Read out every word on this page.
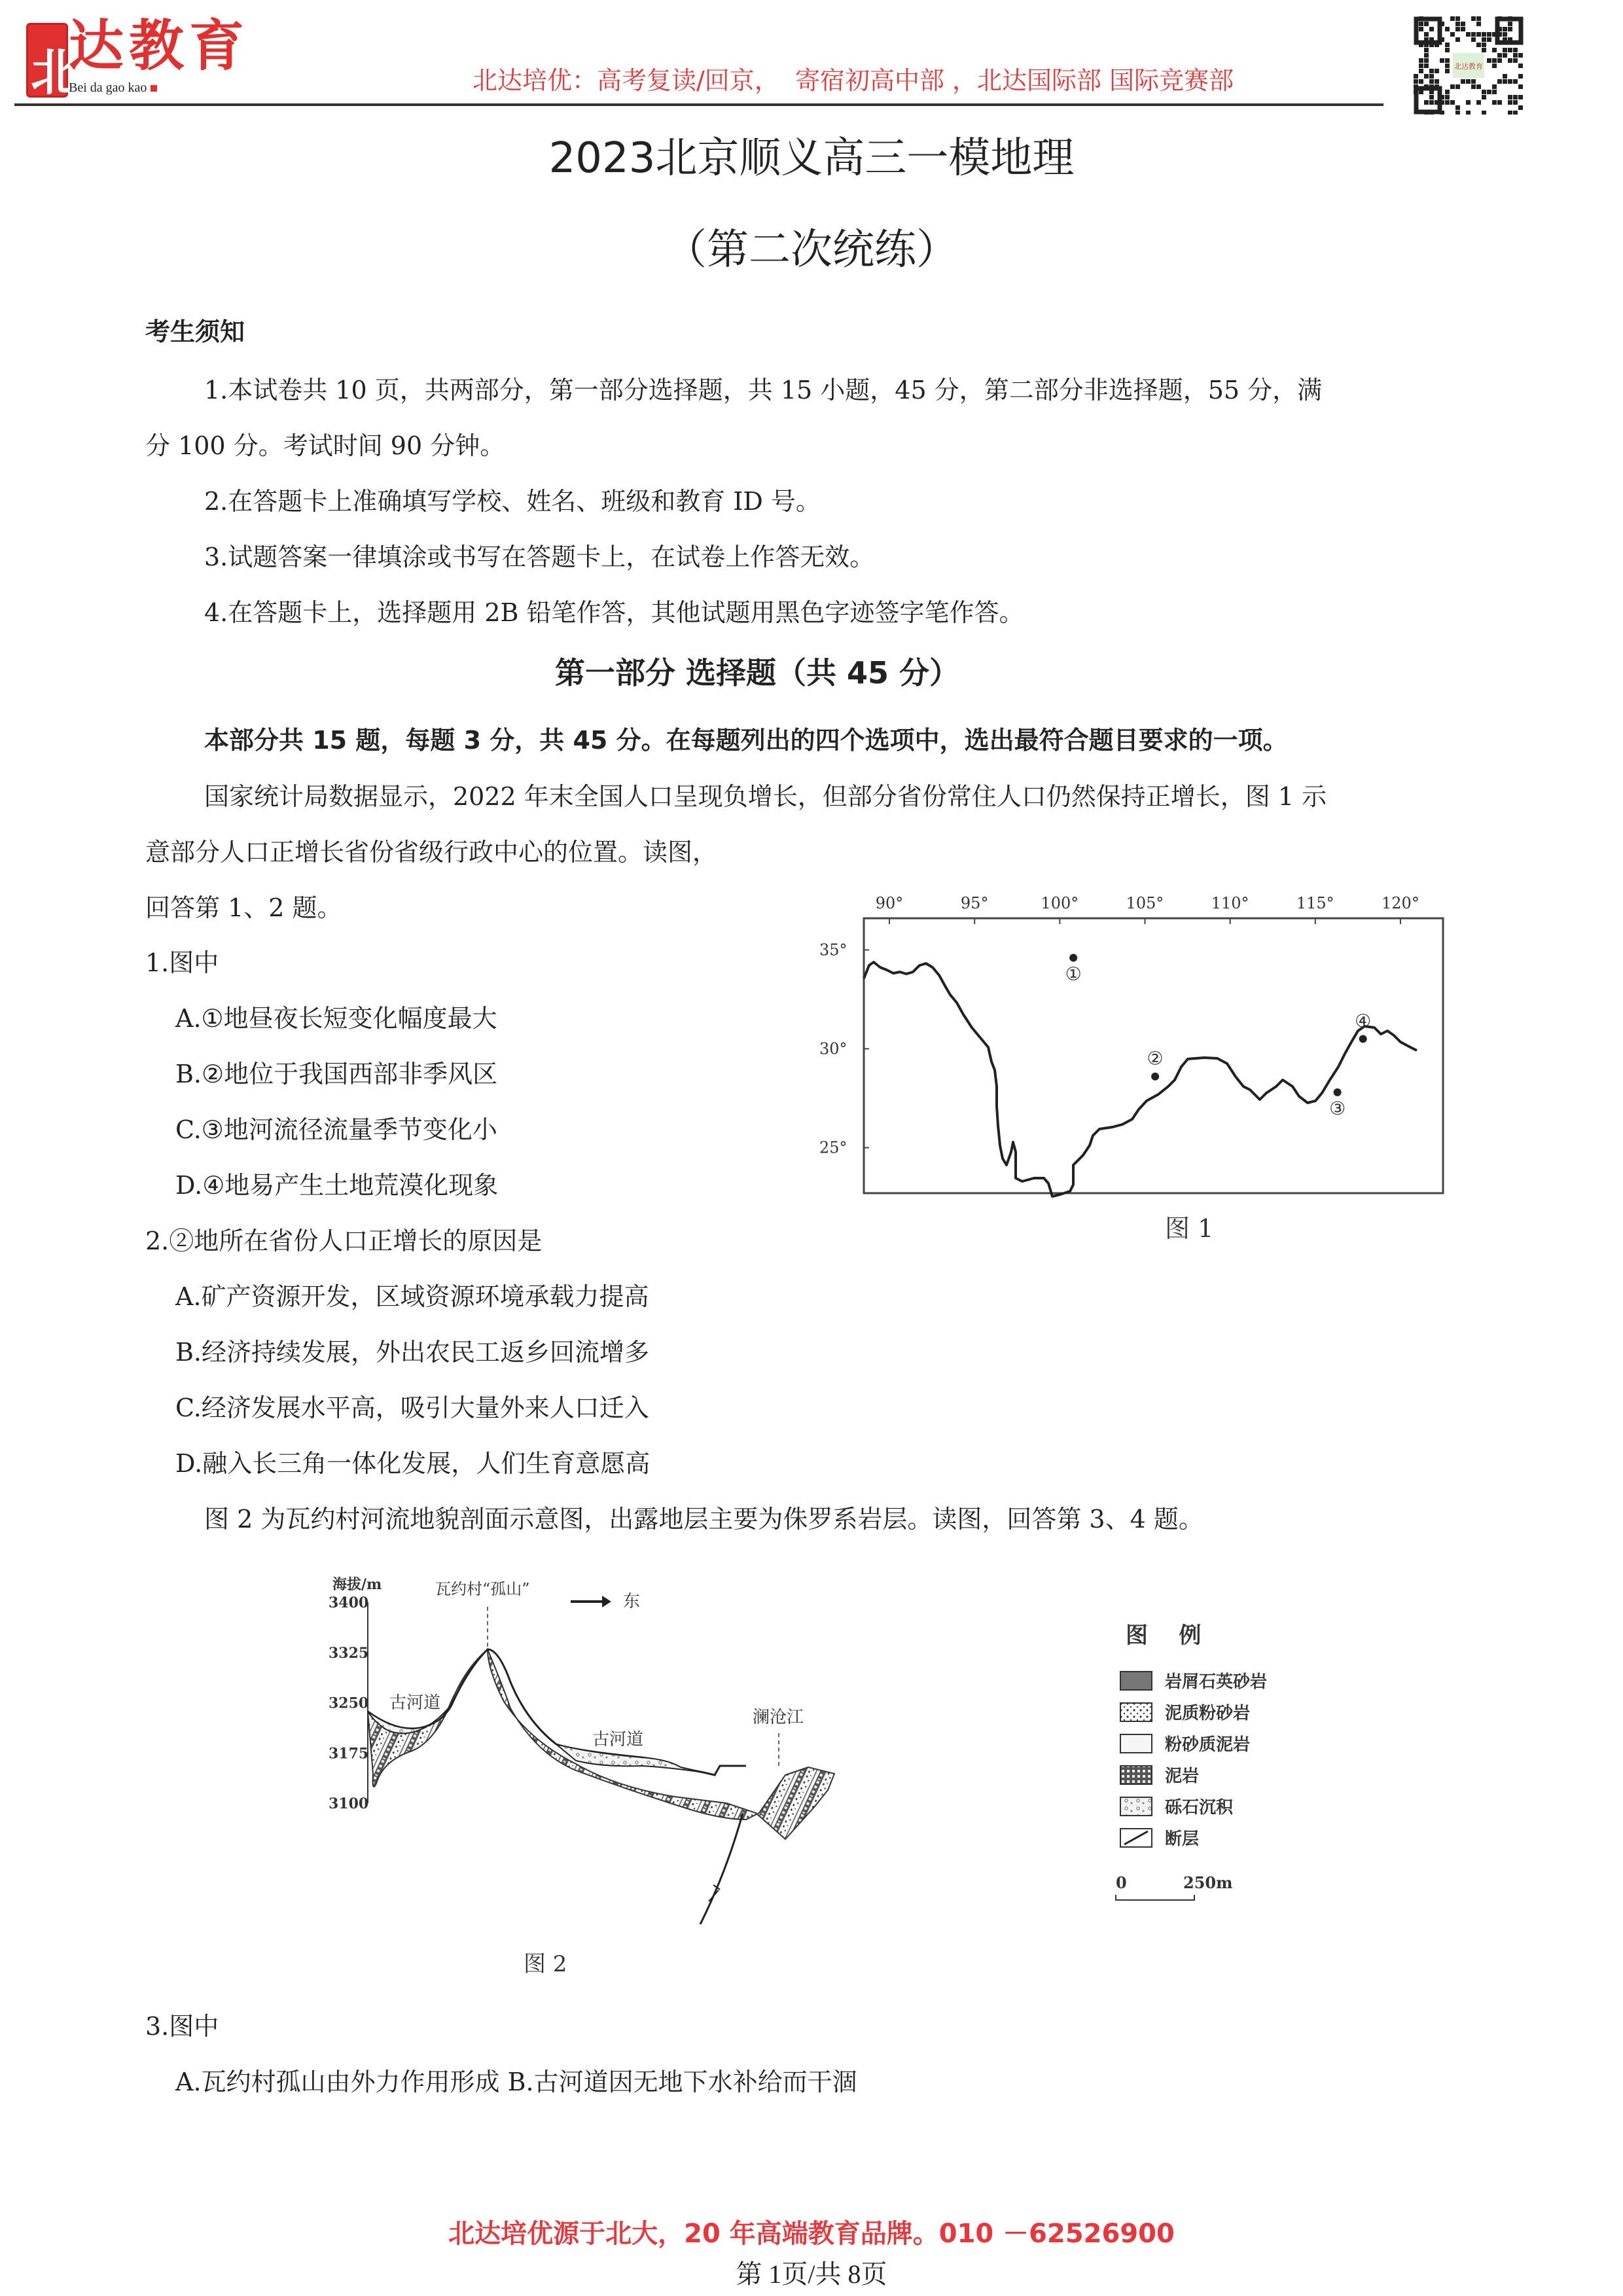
北
达教育
Bei da gao kao	北达培优：高考复读/回京，  寄宿初高中部 ，北达国际部 国际竞赛部	北达教育
2023北京顺义高三一模地理
（第二次统练）
考生须知
1.本试卷共 10 页，共两部分，第一部分选择题，共 15 小题，45 分，第二部分非选择题，55 分，满
分 100 分。考试时间 90 分钟。
2.在答题卡上准确填写学校、姓名、班级和教育 ID 号。
3.试题答案一律填涂或书写在答题卡上，在试卷上作答无效。
4.在答题卡上，选择题用 2B 铅笔作答，其他试题用黑色字迹签字笔作答。
第一部分 选择题（共 45 分）
本部分共 15 题，每题 3 分，共 45 分。在每题列出的四个选项中，选出最符合题目要求的一项。
国家统计局数据显示，2022 年末全国人口呈现负增长，但部分省份常住人口仍然保持正增长，图 1 示
意部分人口正增长省份省级行政中心的位置。读图，
回答第 1、2 题。
1.图中
A.①地昼夜长短变化幅度最大
B.②地位于我国西部非季风区
C.③地河流径流量季节变化小
D.④地易产生土地荒漠化现象
2.②地所在省份人口正增长的原因是
A.矿产资源开发，区域资源环境承载力提高
B.经济持续发展，外出农民工返乡回流增多
C.经济发展水平高，吸引大量外来人口迁入
D.融入长三角一体化发展，人们生育意愿高
图 2 为瓦约村河流地貌剖面示意图，出露地层主要为侏罗系岩层。读图，回答第 3、4 题。
90°	95°	100°	105°	110°	115°	120°
35°
30°
25°
①
②
③
④
图 1
海拔/m
3400
3325
3250
3175
3100
瓦约村“孤山”
东
古河道
古河道
澜沧江
图 2
图    例
岩屑石英砂岩
泥质粉砂岩
粉砂质泥岩
泥岩
砾石沉积
断层
0	250m
3.图中
A.瓦约村孤山由外力作用形成 B.古河道因无地下水补给而干涸
北达培优源于北大，20 年高端教育品牌。010 －62526900
第 1页/共 8页
